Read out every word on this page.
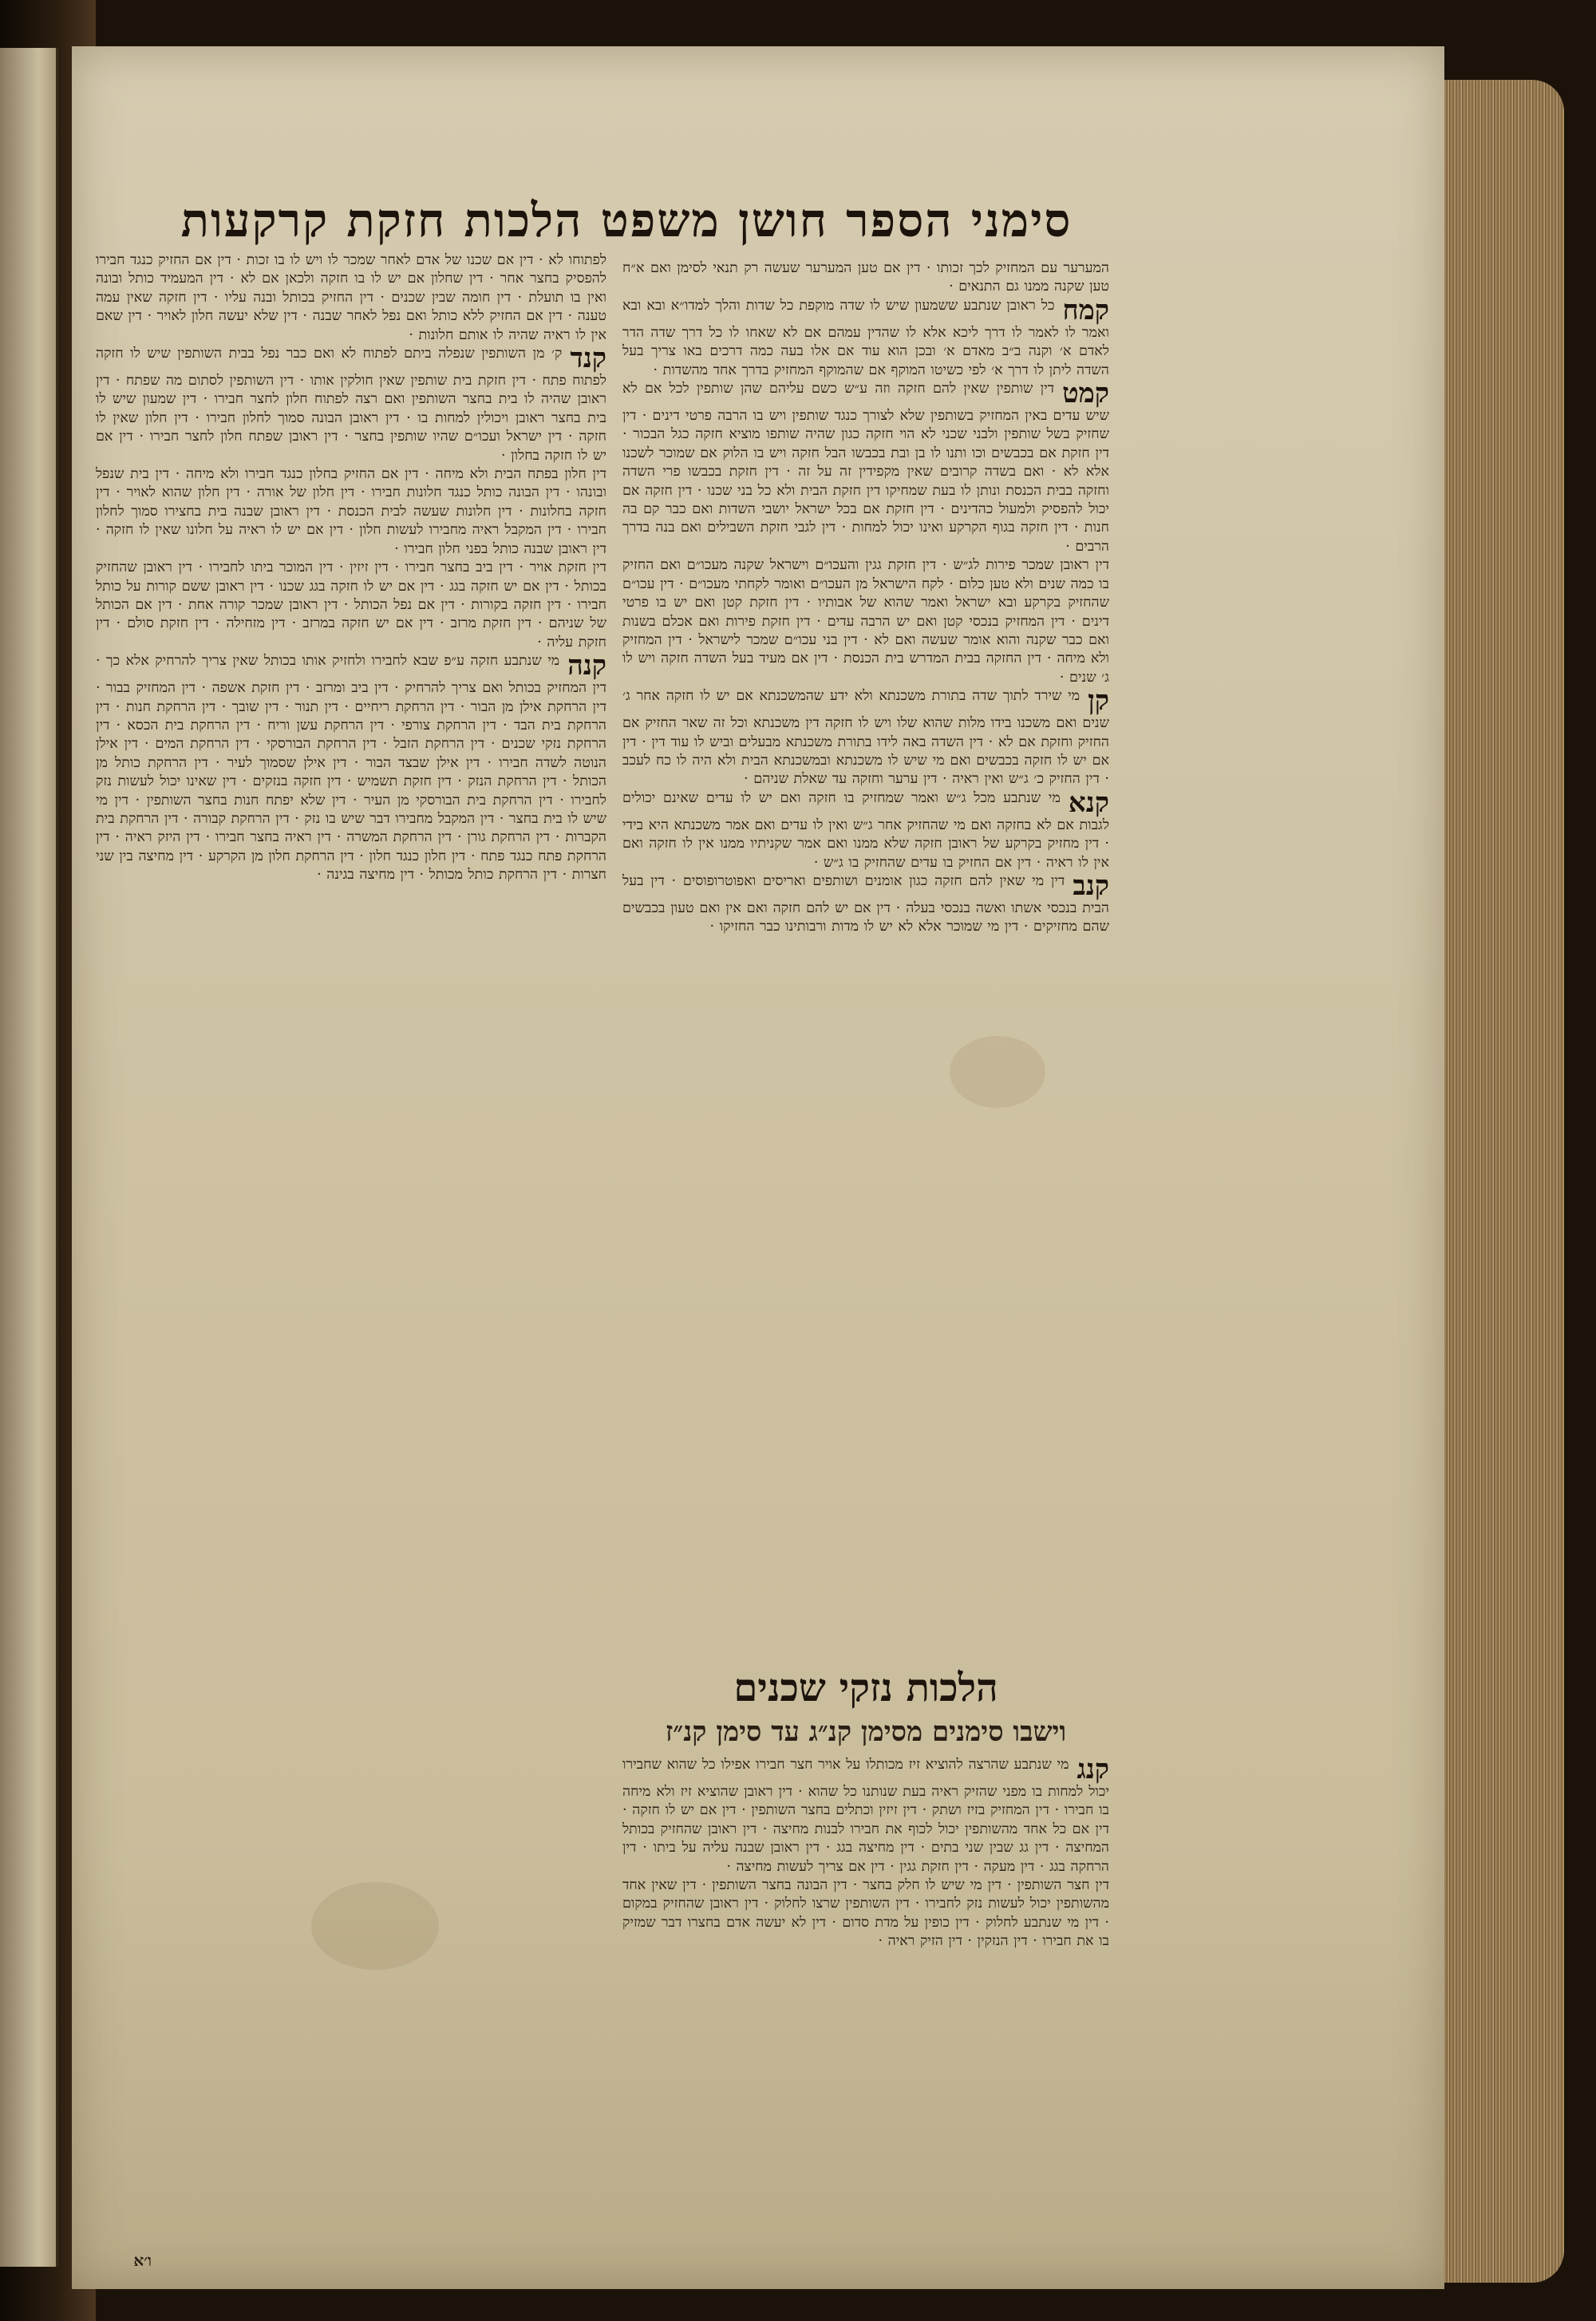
סימני הספר חושן משפט הלכות חזקת קרקעות

המערער עם המחזיק לכך זכותו · דין אם טען המערער שעשה רק תנאי לסימן ואם א״ח טען שקנה ממנו גם התנאים ·

קמחכל ראובן שנתבע ששמעון שיש לו שדה מוקפת כל שדות והלך למדו״א ובא ובא ואמר לו לאמר לו דרך ליכא אלא לו שהדין עמהם אם לא שאחו לו כל דרך שדה הדר לאדם א׳ וקנה ב״ב מאדם א׳ ובכן הוא עוד אם אלו בעה כמה דרכים באו צריך בעל השדה ליתן לו דרך א׳ לפי כשיטו המוקף אם שהמוקף המחזיק בדרך אחד מהשדות ·

קמטדין שותפין שאין להם חזקה וזה ע״ש כשם עליהם שהן שותפין לכל אם לא שיש עדים באין המחזיק בשותפין שלא לצורך כנגד שותפין ויש בו הרבה פרטי דינים · דין שחזיק בשל שותפין ולבני שכני לא הוי חזקה כגון שהיה שותפו מוציא חזקה כגל הבכור · דין חזקת אם בכבשים וכו ותנו לו בן ובת בכבשו הבל חזקה ויש בו הלוק אם שמוכר לשכנו אלא לא · ואם בשדה קרובים שאין מקפידין זה על זה · דין חזקת בכבשו פרי השדה וחזקה בבית הכנסת ונותן לו בעת שמחיקו דין חזקת הבית ולא כל בני שכנו · דין חזקה אם יכול להפסיק ולמעול כהדינים · דין חזקת אם בכל ישראל יושבי השדות ואם כבר קם בה חנות · דין חזקה בגוף הקרקע ואינו יכול למחות · דין לגבי חזקת השבילים ואם בנה בדרך הרבים ·

דין ראובן שמכר פירות לג״ש · דין חזקת גגין והעכו״ם וישראל שקנה מעכו״ם ואם החזיק בו כמה שנים ולא טען כלום · לקח הישראל מן העכו״ם ואומר לקחתי מעכו״ם · דין עכו״ם שהחזיק בקרקע ובא ישראל ואמר שהוא של אבותיו · דין חזקת קטן ואם יש בו פרטי דינים · דין המחזיק בנכסי קטן ואם יש הרבה עדים · דין חזקת פירות ואם אכלם בשנות ואם כבר שקנה והוא אומר שעשה ואם לא · דין בני עכו״ם שמכר לישראל · דין המחזיק ולא מיחה · דין החזקה בבית המדרש בית הכנסת · דין אם מעיד בעל השדה חזקה ויש לו ג׳ שנים ·

קןמי שירד לתוך שדה בתורת משכנתא ולא ידע שהמשכנתא אם יש לו חזקה אחר ג׳ שנים ואם משכנו בידו מלות שהוא שלו ויש לו חזקה דין משכנתא וכל זה שאר החזיק אם החזיק וחזקת אם לא · דין השדה באה לידו בתורת משכנתא מבעלים וביש לו עוד דין · דין אם יש לו חזקה בכבשים ואם מי שיש לו משכנתא ובמשכנתא הבית ולא היה לו כח לעכב · דין החזיק כ׳ ג״ש ואין ראיה · דין ערער וחזקה עד שאלת שניהם ·

קנאמי שנתבע מכל ג״ש ואמר שמחזיק בו חזקה ואם יש לו עדים שאינם יכולים לגבות אם לא בחזקה ואם מי שהחזיק אחר ג״ש ואין לו עדים ואם אמר משכנתא היא בידי · דין מחזיק בקרקע של ראובן חזקה שלא ממנו ואם אמר שקניתיו ממנו אין לו חזקה ואם אין לו ראיה · דין אם החזיק בו עדים שהחזיק בו ג״ש ·

קנבדין מי שאין להם חזקה כגון אומנים ושותפים ואריסים ואפוטרופוסים · דין בעל הבית בנכסי אשתו ואשה בנכסי בעלה · דין אם יש להם חזקה ואם אין ואם טעון בכבשים שהם מחזיקים · דין מי שמוכר אלא לא יש לו מדות ורבותינו כבר החזיקו ·

לפתוחו לא · דין אם שכנו של אדם לאחר שמכר לו ויש לו בו זכות · דין אם החזיק כנגד חבירו להפסיק בחצר אחר · דין שחלון אם יש לו בו חזקה ולכאן אם לא · דין המעמיד כותל ובונה ואין בו תועלת · דין חומה שבין שכנים · דין החזיק בכותל ובנה עליו · דין חזקה שאין עמה טענה · דין אם החזיק ללא כותל ואם נפל לאחר שבנה · דין שלא יעשה חלון לאויר · דין שאם אין לו ראיה שהיה לו אותם חלונות ·

קנדק׳ מן השותפין שנפלה ביתם לפתוח לא ואם כבר נפל בבית השותפין שיש לו חזקה לפתוח פתח · דין חזקת בית שותפין שאין חולקין אותו · דין השותפין לסתום מה שפתח · דין ראובן שהיה לו בית בחצר השותפין ואם רצה לפתוח חלון לחצר חבירו · דין שמעון שיש לו בית בחצר ראובן ויכולין למחות בו · דין ראובן הבונה סמוך לחלון חבירו · דין חלון שאין לו חזקה · דין ישראל ועכו״ם שהיו שותפין בחצר · דין ראובן שפתח חלון לחצר חבירו · דין אם יש לו חזקה בחלון ·

דין חלון בפתח הבית ולא מיחה · דין אם החזיק בחלון כנגד חבירו ולא מיחה · דין בית שנפל ובונהו · דין הבונה כותל כנגד חלונות חבירו · דין חלון של אורה · דין חלון שהוא לאויר · דין חזקה בחלונות · דין חלונות שעשה לבית הכנסת · דין ראובן שבנה בית בחצירו סמוך לחלון חבירו · דין המקבל ראיה מחבירו לעשות חלון · דין אם יש לו ראיה על חלונו שאין לו חזקה · דין ראובן שבנה כותל בפני חלון חבירו ·

דין חזקת אויר · דין ביב בחצר חבירו · דין זיזין · דין המוכר ביתו לחבירו · דין ראובן שהחזיק בכותל · דין אם יש חזקה בגג · דין אם יש לו חזקה בגג שכנו · דין ראובן ששם קורות על כותל חבירו · דין חזקה בקורות · דין אם נפל הכותל · דין ראובן שמכר קורה אחת · דין אם הכותל של שניהם · דין חזקת מרזב · דין אם יש חזקה במרזב · דין מזחילה · דין חזקת סולם · דין חזקת עליה ·

קנהמי שנתבע חזקה ע״פ שבא לחבירו ולחזיק אותו בכותל שאין צריך להרחיק אלא כך · דין המחזיק בכותל ואם צריך להרחיק · דין ביב ומרזב · דין חזקת אשפה · דין המחזיק בבור · דין הרחקת אילן מן הבור · דין הרחקת ריחיים · דין תנור · דין שובך · דין הרחקת חנות · דין הרחקת בית הבד · דין הרחקת צורפי · דין הרחקת עשן וריח · דין הרחקת בית הכסא · דין הרחקת נזקי שכנים · דין הרחקת הזבל · דין הרחקת הבורסקי · דין הרחקת המים · דין אילן הנוטה לשדה חבירו · דין אילן שבצד הבור · דין אילן שסמוך לעיר · דין הרחקת כותל מן הכותל · דין הרחקת הנזק · דין חזקת תשמיש · דין חזקה בנזקים · דין שאינו יכול לעשות נזק לחבירו · דין הרחקת בית הבורסקי מן העיר · דין שלא יפתח חנות בחצר השותפין · דין מי שיש לו בית בחצר · דין המקבל מחבירו דבר שיש בו נזק · דין הרחקת קבורה · דין הרחקת בית הקברות · דין הרחקת גורן · דין הרחקת המשרה · דין ראיה בחצר חבירו · דין היזק ראיה · דין הרחקת פתח כנגד פתח · דין חלון כנגד חלון · דין הרחקת חלון מן הקרקע · דין מחיצה בין שני חצרות · דין הרחקת כותל מכותל · דין מחיצה בגינה ·

הלכות נזקי שכנים
וישבו סימנים מסימן קנ״ג עד סימן קנ״ז

קנגמי שנתבע שהרצה להוציא זיז מכותלו על אויר חצר חבירו אפילו כל שהוא שחבירו יכול למחות בו מפני שהזיק ראיה בעת שנותנו כל שהוא · דין ראובן שהוציא זיז ולא מיחה בו חבירו · דין המחזיק בזיז ושתק · דין זיזין וכתלים בחצר השותפין · דין אם יש לו חזקה · דין אם כל אחד מהשותפין יכול לכוף את חבירו לבנות מחיצה · דין ראובן שהחזיק בכותל המחיצה · דין גג שבין שני בתים · דין מחיצה בגג · דין ראובן שבנה עליה על ביתו · דין הרחקה בגג · דין מעקה · דין חזקת גגין · דין אם צריך לעשות מחיצה ·

דין חצר השותפין · דין מי שיש לו חלק בחצר · דין הבונה בחצר השותפין · דין שאין אחד מהשותפין יכול לעשות נזק לחבירו · דין השותפין שרצו לחלוק · דין ראובן שהחזיק במקום · דין מי שנתבע לחלוק · דין כופין על מדת סדום · דין לא יעשה אדם בחצרו דבר שמזיק בו את חבירו · דין הנזקין · דין הזיק ראיה ·

ו׳א
